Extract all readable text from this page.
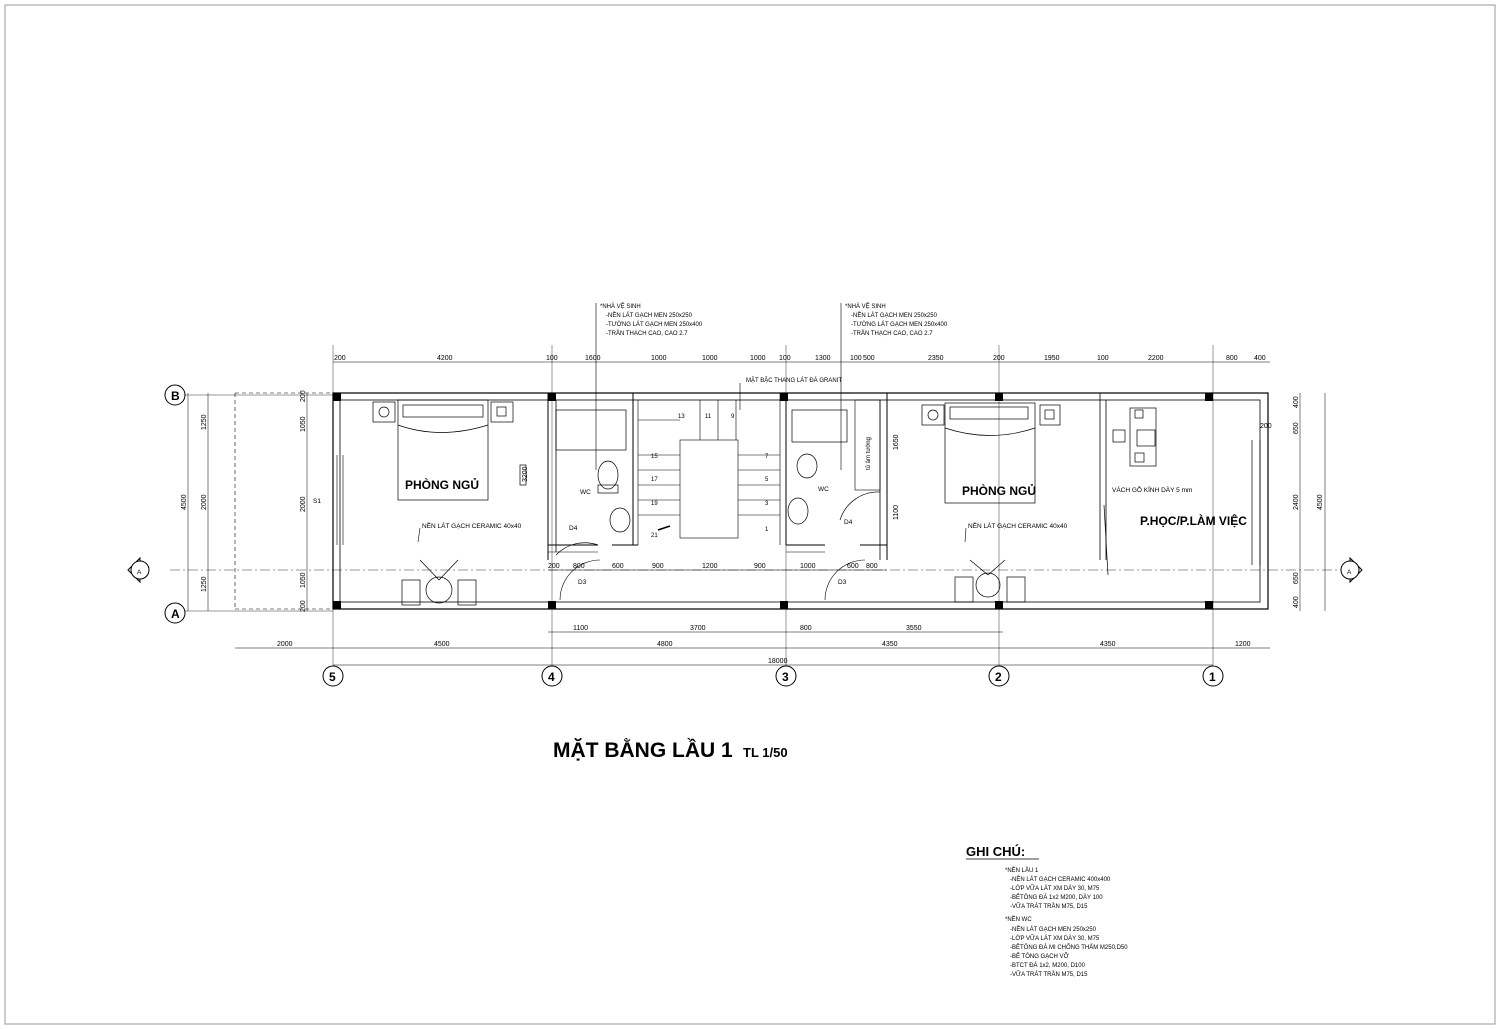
PHÒNG NGỦ
NỀN LÁT GẠCH CERAMIC 40x40
S1
WC
D4
D3
MẶT BẬC THANG LÁT ĐÁ GRANIT
13	11	9
15	7
17	5
19	3
21
1
WC
D4
D3
tủ âm tường
PHÒNG NGỦ
NỀN LÁT GẠCH CERAMIC 40x40
VÁCH GỖ KÍNH DÀY 5 mm
P.HỌC/P.LÀM VIỆC
*NHÀ VỆ SINH
-NỀN LÁT GẠCH MEN 250x250
-TƯỜNG LÁT GẠCH MEN 250x400
-TRẦN THẠCH CAO, CAO 2.7
*NHÀ VỆ SINH
-NỀN LÁT GẠCH MEN 250x250
-TƯỜNG LÁT GẠCH MEN 250x400
-TRẦN THẠCH CAO, CAO 2.7
200	4200	100	1600	1000	1000	1000 100	1300	100 500	2350	200	1950	100	2200	800 400
200 800	600	900	1200	900	1000	600 800
1100	3700	800	3550
2000	4500	4800	4350	4350	1200
18000
5	4	3	2	1
B
A
A	A
1250
2000
1250
4500
200
1050
2000
1050
200
3200
1650
1100
400
650
2400
650
400
4500
200
MẶT BẰNG LẦU 1 TL 1/50
GHI CHÚ:
*NỀN LẦU 1
-NỀN LÁT GẠCH CERAMIC 400x400
-LỚP VỮA LÁT XM DÀY 30, M75
-BÊTÔNG ĐÁ 1x2 M200, DÀY 100
-VỮA TRÁT TRẦN M75, D15
*NỀN WC
-NỀN LÁT GẠCH MEN 250x250
-LỚP VỮA LÁT XM DÀY 30, M75
-BÊTÔNG ĐÁ MI CHỐNG THẤM M250,D50
-BÊ TÔNG GẠCH VỠ
-BTCT ĐÁ 1x2, M200, D100
-VỮA TRÁT TRẦN M75, D15
